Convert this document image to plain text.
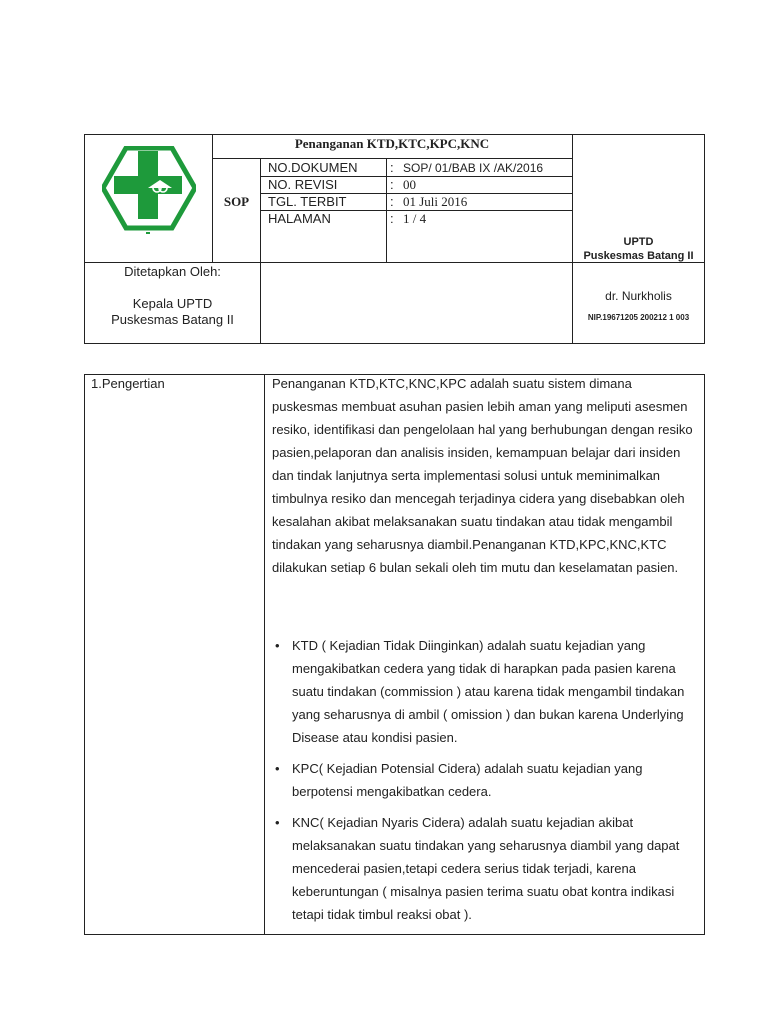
Penanganan KTD,KTC,KPC,KNC
SOP
NO.DOKUMEN : SOP/ 01/BAB IX /AK/2016
NO. REVISI	: 00
TGL. TERBIT	: 01 Juli 2016
HALAMAN	: 1 / 4
UPTD
Puskesmas Batang II
Ditetapkan Oleh:
Kepala UPTD
Puskesmas Batang II
dr. Nurkholis
NIP.19671205 200212 1 003
1.Pengertian	Penanganan KTD,KTC,KNC,KPC adalah suatu sistem dimana puskesmas membuat asuhan pasien lebih aman yang meliputi asesmen resiko, identifikasi dan pengelolaan hal yang berhubungan dengan resiko pasien,pelaporan dan analisis insiden, kemampuan belajar dari insiden dan tindak lanjutnya serta implementasi solusi untuk meminimalkan timbulnya resiko dan mencegah terjadinya cidera yang disebabkan oleh kesalahan akibat melaksanakan suatu tindakan atau tidak mengambil tindakan yang seharusnya diambil.Penanganan KTD,KPC,KNC,KTC dilakukan setiap 6 bulan sekali oleh tim mutu dan keselamatan pasien.

• KTD ( Kejadian Tidak Diinginkan) adalah suatu kejadian yang mengakibatkan cedera yang tidak di harapkan pada pasien karena suatu tindakan (commission ) atau karena tidak mengambil tindakan yang seharusnya di ambil ( omission ) dan bukan karena Underlying Disease atau kondisi pasien.
• KPC( Kejadian Potensial Cidera) adalah suatu kejadian yang berpotensi mengakibatkan cedera.
• KNC( Kejadian Nyaris Cidera) adalah suatu kejadian akibat melaksanakan suatu tindakan yang seharusnya diambil yang dapat mencederai pasien,tetapi cedera serius tidak terjadi, karena keberuntungan ( misalnya pasien terima suatu obat kontra indikasi tetapi tidak timbul reaksi obat ).
